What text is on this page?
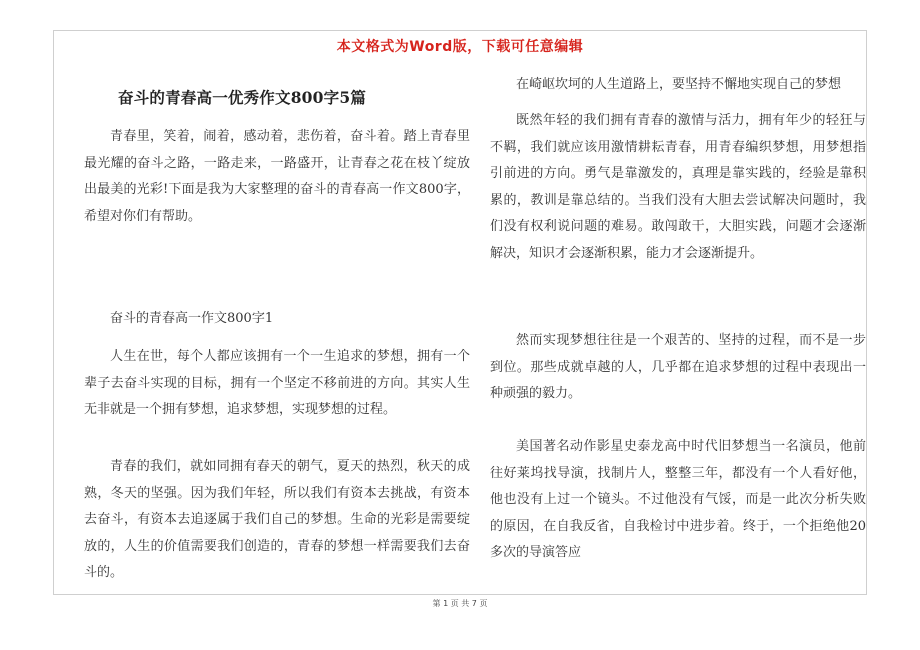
本文格式为Word版，下载可任意编辑
奋斗的青春高一优秀作文800字5篇

青春里，笑着，闹着，感动着，悲伤着，奋斗着。踏上青春里最光耀的奋斗之路，一路走来，一路盛开，让青春之花在枝丫绽放出最美的光彩!下面是我为大家整理的奋斗的青春高一作文800字，希望对你们有帮助。

奋斗的青春高一作文800字1

人生在世，每个人都应该拥有一个一生追求的梦想，拥有一个辈子去奋斗实现的目标，拥有一个坚定不移前进的方向。其实人生无非就是一个拥有梦想，追求梦想，实现梦想的过程。

青春的我们，就如同拥有春天的朝气，夏天的热烈，秋天的成熟，冬天的坚强。因为我们年轻，所以我们有资本去挑战，有资本去奋斗，有资本去追逐属于我们自己的梦想。生命的光彩是需要绽放的，人生的价值需要我们创造的，青春的梦想一样需要我们去奋斗的。

在崎岖坎坷的人生道路上，要坚持不懈地实现自己的梦想

既然年轻的我们拥有青春的激情与活力，拥有年少的轻狂与不羁，我们就应该用激情耕耘青春，用青春编织梦想，用梦想指引前进的方向。勇气是靠激发的，真理是靠实践的，经验是靠积累的，教训是靠总结的。当我们没有大胆去尝试解决问题时，我们没有权利说问题的难易。敢闯敢干，大胆实践，问题才会逐渐解决，知识才会逐渐积累，能力才会逐渐提升。

然而实现梦想往往是一个艰苦的、坚持的过程，而不是一步到位。那些成就卓越的人，几乎都在追求梦想的过程中表现出一种顽强的毅力。

美国著名动作影星史泰龙高中时代旧梦想当一名演员，他前往好莱坞找导演，找制片人，整整三年，都没有一个人看好他，他也没有上过一个镜头。不过他没有气馁，而是一此次分析失败的原因，在自我反省，自我检讨中进步着。终于，一个拒绝他20多次的导演答应

第 1 页 共 7 页
